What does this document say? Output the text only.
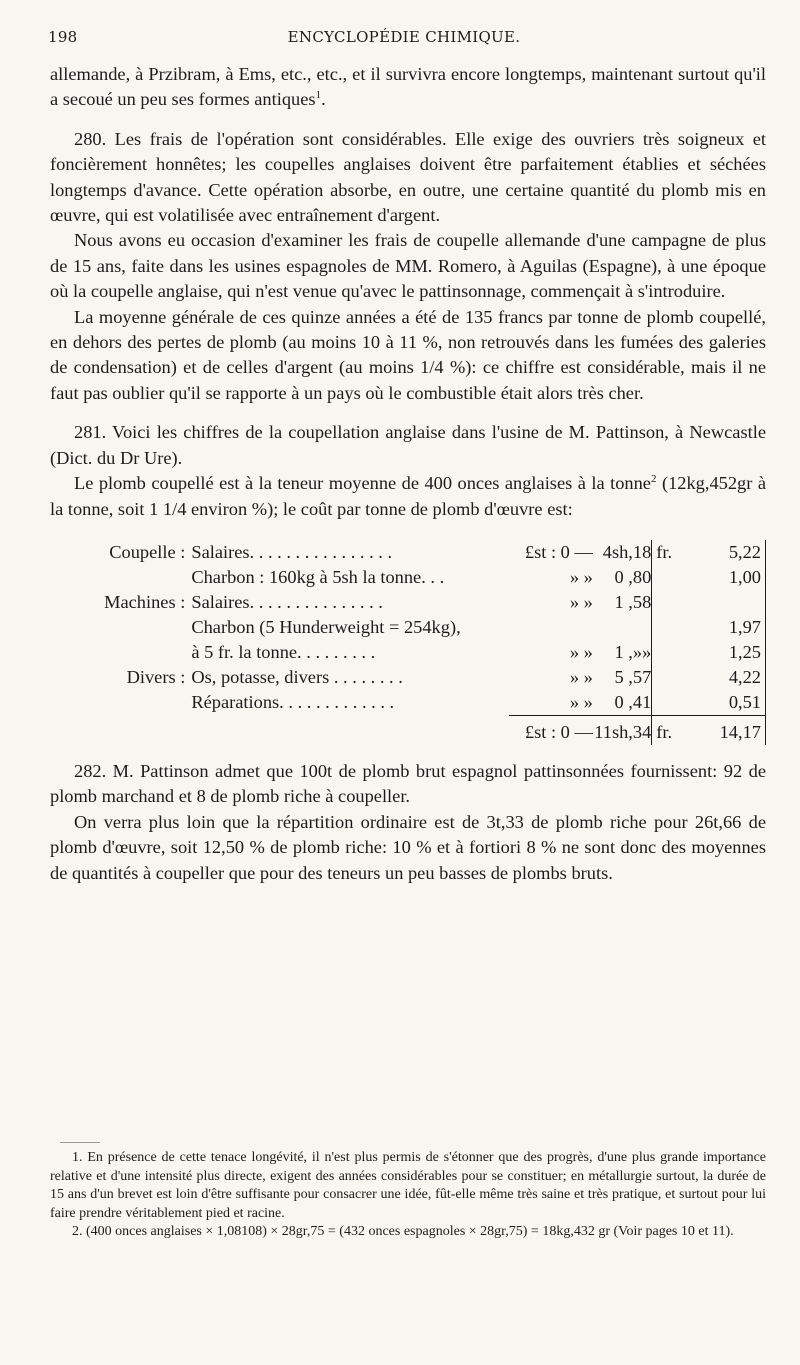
198	ENCYCLOPÉDIE CHIMIQUE.

allemande, à Przibram, à Ems, etc., etc., et il survivra encore longtemps, maintenant surtout qu'il a secoué un peu ses formes antiques$^1$.

280. Les frais de l'opération sont considérables. Elle exige des ouvriers très soigneux et foncièrement honnêtes; les coupelles anglaises doivent être parfaitement établies et séchées longtemps d'avance. Cette opération absorbe, en outre, une certaine quantité du plomb mis en œuvre, qui est volatilisée avec entraînement d'argent.

Nous avons eu occasion d'examiner les frais de coupelle allemande d'une campagne de plus de 15 ans, faite dans les usines espagnoles de MM. Romero, à Aguilas (Espagne), à une époque où la coupelle anglaise, qui n'est venue qu'avec le pattinsonnage, commençait à s'introduire.

La moyenne générale de ces quinze années a été de 135 francs par tonne de plomb coupellé, en dehors des pertes de plomb (au moins 10 à 11 %, non retrouvés dans les fumées des galeries de condensation) et de celles d'argent (au moins 1/4 %): ce chiffre est considérable, mais il ne faut pas oublier qu'il se rapporte à un pays où le combustible était alors très cher.

281. Voici les chiffres de la coupellation anglaise dans l'usine de M. Pattinson, à Newcastle (Dict. du Dr Ure).

Le plomb coupellé est à la teneur moyenne de 400 onces anglaises à la tonne$^2$ (12kg,452gr à la tonne, soit 1 1/4 environ %); le coût par tonne de plomb d'œuvre est:

Coupelle :	Salaires. . . . . . . . . . . . . . . .	£st : 0 —	4sh,18	fr.	5,22
	Charbon : 160kg à 5sh la tonne. . .	» »	0 ,80		1,00
Machines :	Salaires. . . . . . . . . . . . . . .	» »	1 ,58		
	Charbon (5 Hunderweight = 254kg),				1,97
	à 5 fr. la tonne. . . . . . . . .	» »	1 ,»»		1,25
Divers :	Os, potasse, divers . . . . . . . .	» »	5 ,57		4,22
	Réparations. . . . . . . . . . . . .	» »	0 ,41		0,51
		£st : 0 —	11sh,34	fr.	14,17

282. M. Pattinson admet que 100t de plomb brut espagnol pattinsonnées fournissent: 92 de plomb marchand et 8 de plomb riche à coupeller.

On verra plus loin que la répartition ordinaire est de 3t,33 de plomb riche pour 26t,66 de plomb d'œuvre, soit 12,50 % de plomb riche: 10 % et à fortiori 8 % ne sont donc des moyennes de quantités à coupeller que pour des teneurs un peu basses de plombs bruts.

1. En présence de cette tenace longévité, il n'est plus permis de s'étonner que des progrès, d'une plus grande importance relative et d'une intensité plus directe, exigent des années considérables pour se constituer; en métallurgie surtout, la durée de 15 ans d'un brevet est loin d'être suffisante pour consacrer une idée, fût-elle même très saine et très pratique, et surtout pour lui faire prendre véritablement pied et racine.

2. (400 onces anglaises × 1,08108) × 28gr,75 = (432 onces espagnoles × 28gr,75) = 18kg,432 gr (Voir pages 10 et 11).
